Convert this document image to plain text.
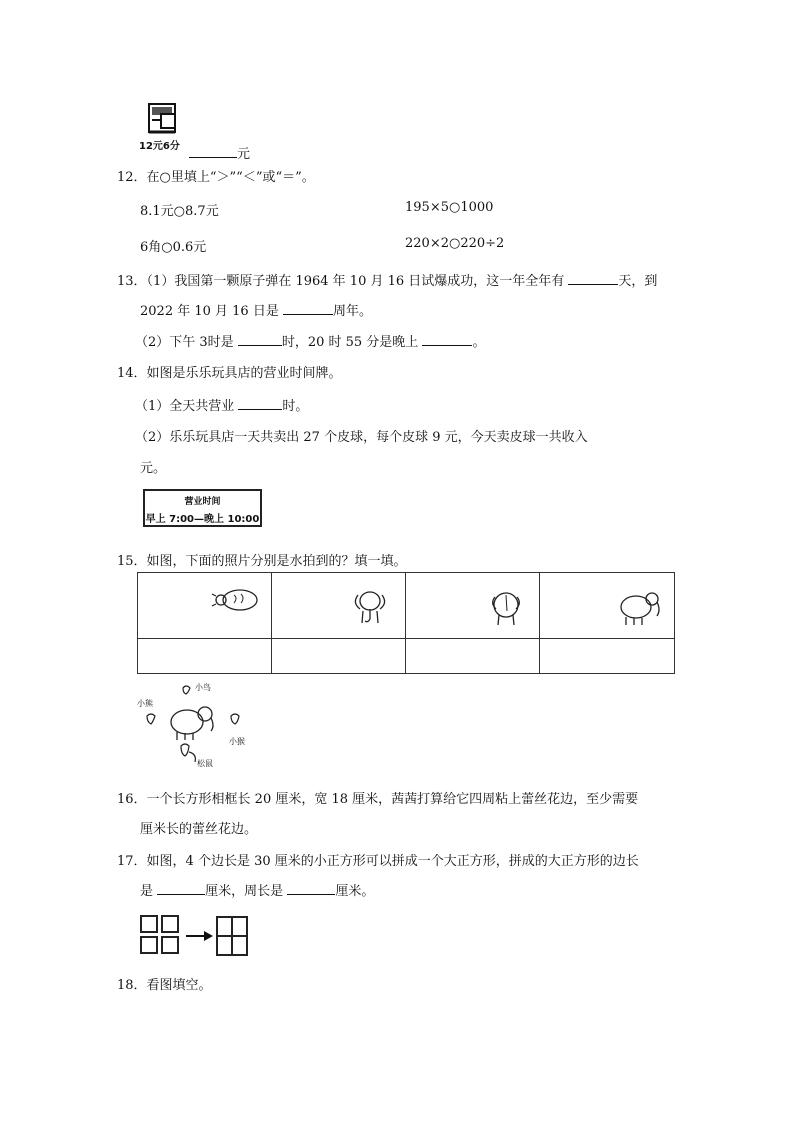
12元6分
元
12．在○里填上“＞”“＜”或“＝”。
8.1元○8.7元	195×5○1000
6角○0.6元	220×2○220÷2
13．（1）我国第一颗原子弹在 1964 年 10 月 16 日试爆成功，这一年全年有	天，到
2022 年 10 月 16 日是	周年。
（2）下午 3时是	时，20 时 55 分是晚上	。
14．如图是乐乐玩具店的营业时间牌。
（1）全天共营业	时。
（2）乐乐玩具店一天共卖出 27 个皮球，每个皮球 9 元，今天卖皮球一共收入
元。
营业时间
早上 7:00—晚上 10:00
15．如图，下面的照片分别是水拍到的？填一填。
小熊
小鸟
小猴
松鼠
16．一个长方形相框长 20 厘米，宽 18 厘米，茜茜打算给它四周粘上蕾丝花边，至少需要
厘米长的蕾丝花边。
17．如图，4 个边长是 30 厘米的小正方形可以拼成一个大正方形，拼成的大正方形的边长
是	厘米，周长是	厘米。
18．看图填空。
